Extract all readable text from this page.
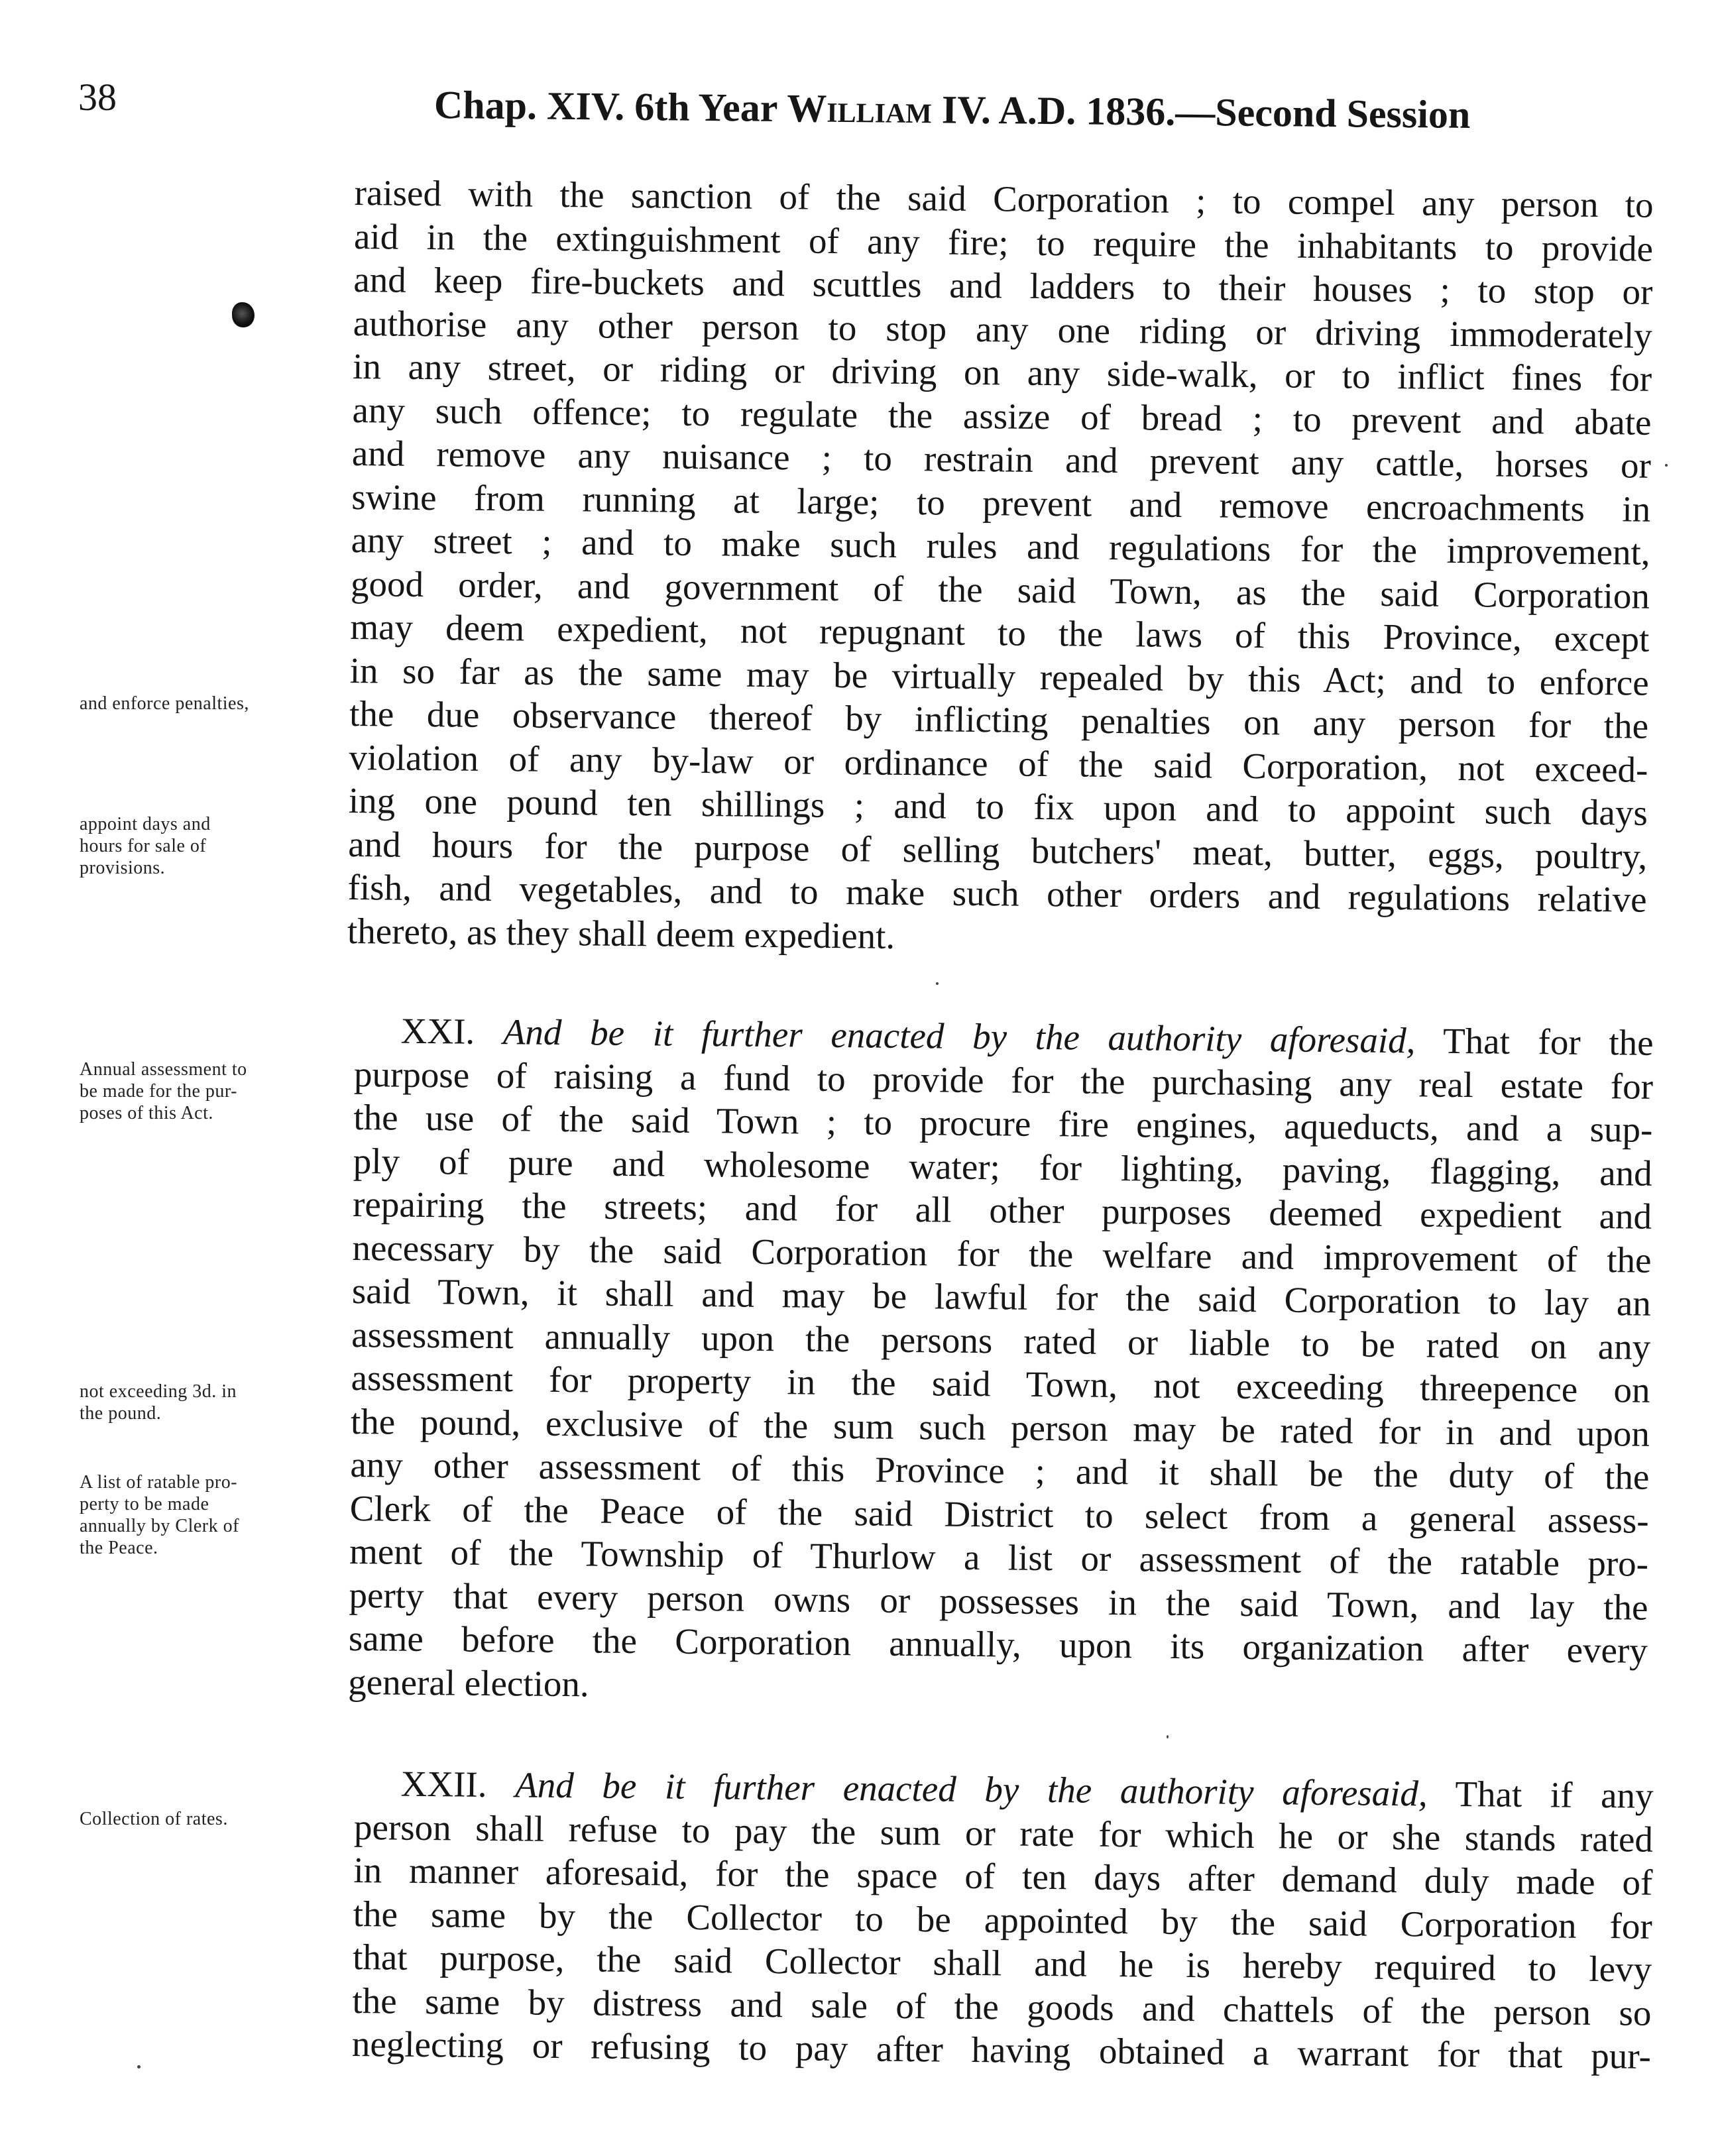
38	Chap. XIV. 6th Year William IV. A.D. 1836.—Second Session
raised with the sanction of the said Corporation ; to compel any person to
aid in the extinguishment of any fire; to require the inhabitants to provide
and keep fire-buckets and scuttles and ladders to their houses ; to stop or
authorise any other person to stop any one riding or driving immoderately
in any street, or riding or driving on any side-walk, or to inflict fines for
any such offence; to regulate the assize of bread ; to prevent and abate
and remove any nuisance ; to restrain and prevent any cattle, horses or
swine from running at large; to prevent and remove encroachments in
any street ; and to make such rules and regulations for the improvement,
good order, and government of the said Town, as the said Corporation
may deem expedient, not repugnant to the laws of this Province, except
in so far as the same may be virtually repealed by this Act; and to enforce
the due observance thereof by inflicting penalties on any person for the
violation of any by-law or ordinance of the said Corporation, not exceed-
ing one pound ten shillings ; and to fix upon and to appoint such days
and hours for the purpose of selling butchers' meat, butter, eggs, poultry,
fish, and vegetables, and to make such other orders and regulations relative
thereto, as they shall deem expedient.
XXI. And be it further enacted by the authority aforesaid, That for the
purpose of raising a fund to provide for the purchasing any real estate for
the use of the said Town ; to procure fire engines, aqueducts, and a sup-
ply of pure and wholesome water; for lighting, paving, flagging, and
repairing the streets; and for all other purposes deemed expedient and
necessary by the said Corporation for the welfare and improvement of the
said Town, it shall and may be lawful for the said Corporation to lay an
assessment annually upon the persons rated or liable to be rated on any
assessment for property in the said Town, not exceeding threepence on
the pound, exclusive of the sum such person may be rated for in and upon
any other assessment of this Province ; and it shall be the duty of the
Clerk of the Peace of the said District to select from a general assess-
ment of the Township of Thurlow a list or assessment of the ratable pro-
perty that every person owns or possesses in the said Town, and lay the
same before the Corporation annually, upon its organization after every
general election.
XXII. And be it further enacted by the authority aforesaid, That if any
person shall refuse to pay the sum or rate for which he or she stands rated
in manner aforesaid, for the space of ten days after demand duly made of
the same by the Collector to be appointed by the said Corporation for
that purpose, the said Collector shall and he is hereby required to levy
the same by distress and sale of the goods and chattels of the person so
neglecting or refusing to pay after having obtained a warrant for that pur-
and enforce penalties,
appoint days and
hours for sale of
provisions.
Annual assessment to
be made for the pur-
poses of this Act.
not exceeding 3d. in
the pound.
A list of ratable pro-
perty to be made
annually by Clerk of
the Peace.
Collection of rates.
